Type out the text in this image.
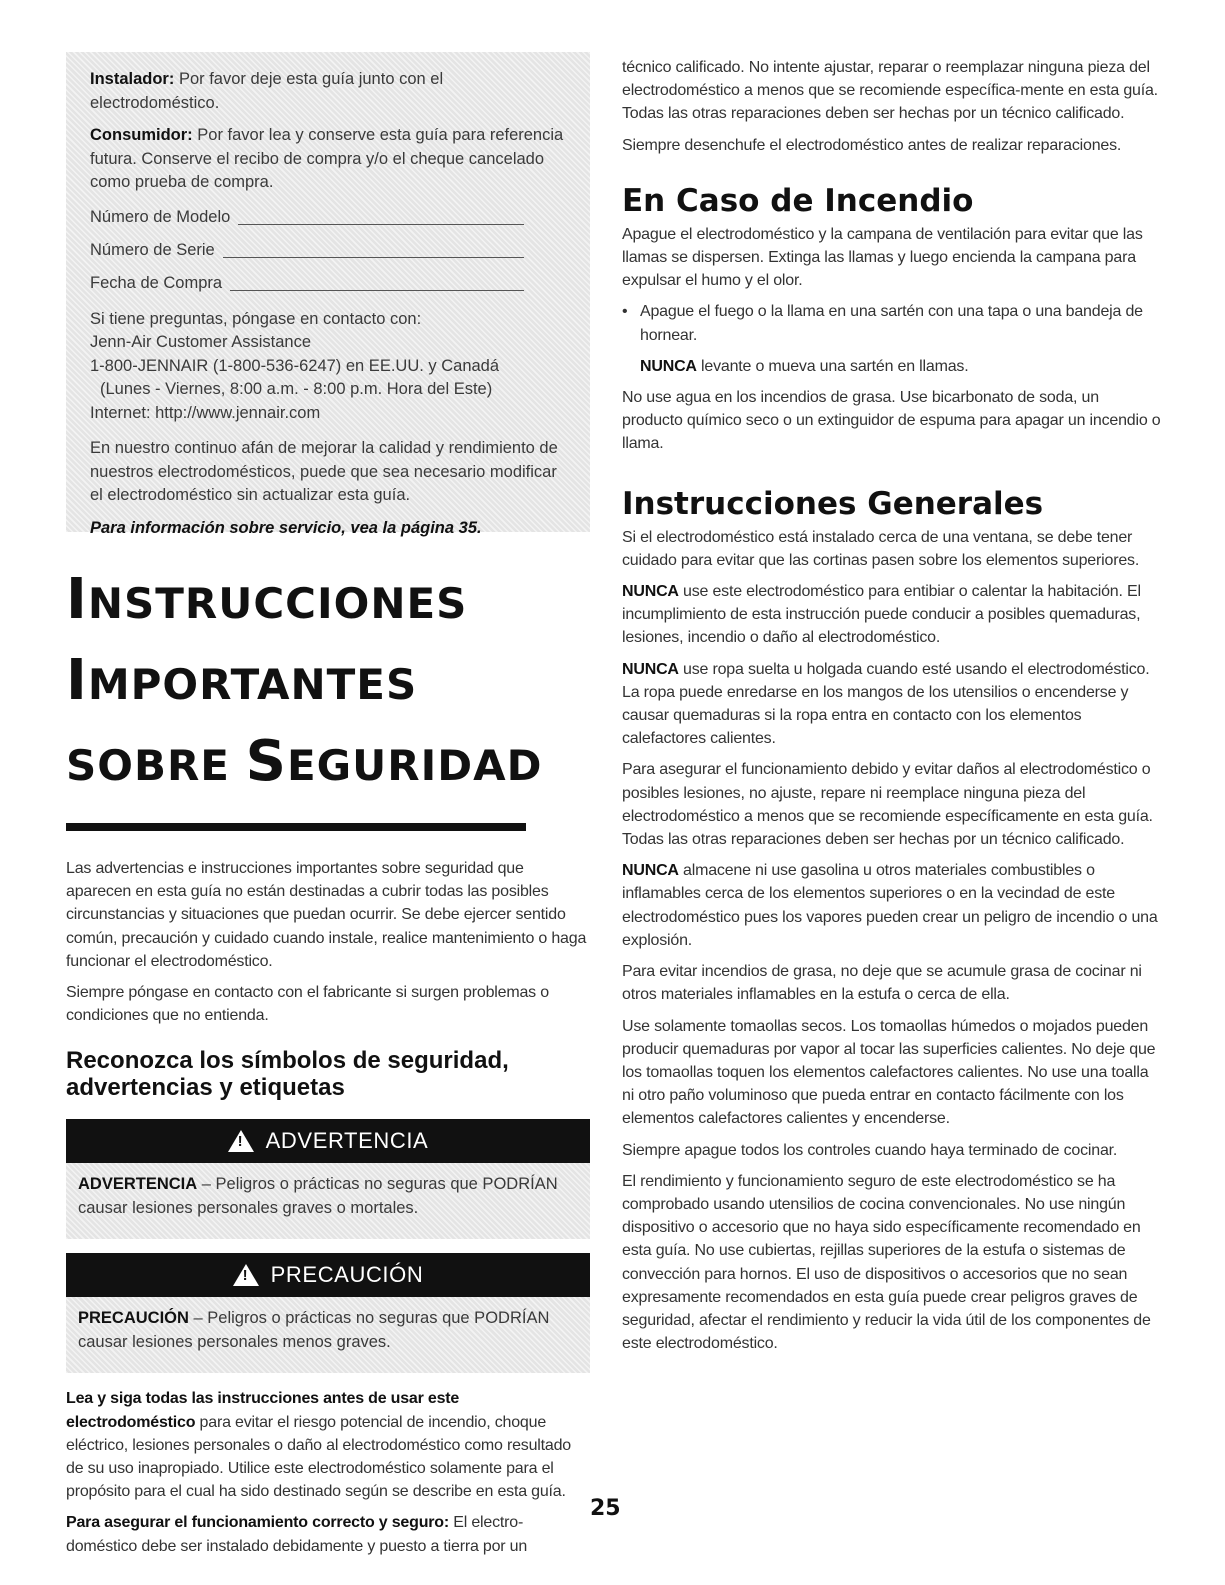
Instalador: Por favor deje esta guía junto con el electrodoméstico.
Consumidor: Por favor lea y conserve esta guía para referencia futura. Conserve el recibo de compra y/o el cheque cancelado como prueba de compra.
Número de Modelo
Número de Serie
Fecha de Compra
Si tiene preguntas, póngase en contacto con:
Jenn-Air Customer Assistance
1-800-JENNAIR (1-800-536-6247) en EE.UU. y Canadá
(Lunes - Viernes, 8:00 a.m. - 8:00 p.m. Hora del Este)
Internet: http://www.jennair.com
En nuestro continuo afán de mejorar la calidad y rendimiento de nuestros electrodomésticos, puede que sea necesario modificar el electrodoméstico sin actualizar esta guía.
Para información sobre servicio, vea la página 35.
INSTRUCCIONES
IMPORTANTES
SOBRE SEGURIDAD

Las advertencias e instrucciones importantes sobre seguridad que aparecen en esta guía no están destinadas a cubrir todas las posibles circunstancias y situaciones que puedan ocurrir. Se debe ejercer sentido común, precaución y cuidado cuando instale, realice mantenimiento o haga funcionar el electrodoméstico.

Siempre póngase en contacto con el fabricante si surgen problemas o condiciones que no entienda.

Reconozca los símbolos de seguridad, advertencias y etiquetas
!
ADVERTENCIA
ADVERTENCIA – Peligros o prácticas no seguras que PODRÍAN causar lesiones personales graves o mortales.
!
PRECAUCIÓN
PRECAUCIÓN – Peligros o prácticas no seguras que PODRÍAN causar lesiones personales menos graves.

Lea y siga todas las instrucciones antes de usar este electrodoméstico para evitar el riesgo potencial de incendio, choque eléctrico, lesiones personales o daño al electrodoméstico como resultado de su uso inapropiado. Utilice este electrodoméstico solamente para el propósito para el cual ha sido destinado según se describe en esta guía.

Para asegurar el funcionamiento correcto y seguro: El electro-doméstico debe ser instalado debidamente y puesto a tierra por un

técnico calificado. No intente ajustar, reparar o reemplazar ninguna pieza del electrodoméstico a menos que se recomiende específica-mente en esta guía. Todas las otras reparaciones deben ser hechas por un técnico calificado.

Siempre desenchufe el electrodoméstico antes de realizar reparaciones.

En Caso de Incendio

Apague el electrodoméstico y la campana de ventilación para evitar que las llamas se dispersen. Extinga las llamas y luego encienda la campana para expulsar el humo y el olor.

• Apague el fuego o la llama en una sartén con una tapa o una bandeja de hornear.

NUNCA levante o mueva una sartén en llamas.

No use agua en los incendios de grasa. Use bicarbonato de soda, un producto químico seco o un extinguidor de espuma para apagar un incendio o llama.

Instrucciones Generales

Si el electrodoméstico está instalado cerca de una ventana, se debe tener cuidado para evitar que las cortinas pasen sobre los elementos superiores.

NUNCA use este electrodoméstico para entibiar o calentar la habitación. El incumplimiento de esta instrucción puede conducir a posibles quemaduras, lesiones, incendio o daño al electrodoméstico.

NUNCA use ropa suelta u holgada cuando esté usando el electrodoméstico. La ropa puede enredarse en los mangos de los utensilios o encenderse y causar quemaduras si la ropa entra en contacto con los elementos calefactores calientes.

Para asegurar el funcionamiento debido y evitar daños al electrodoméstico o posibles lesiones, no ajuste, repare ni reemplace ninguna pieza del electrodoméstico a menos que se recomiende específicamente en esta guía. Todas las otras reparaciones deben ser hechas por un técnico calificado.

NUNCA almacene ni use gasolina u otros materiales combustibles o inflamables cerca de los elementos superiores o en la vecindad de este electrodoméstico pues los vapores pueden crear un peligro de incendio o una explosión.

Para evitar incendios de grasa, no deje que se acumule grasa de cocinar ni otros materiales inflamables en la estufa o cerca de ella.

Use solamente tomaollas secos. Los tomaollas húmedos o mojados pueden producir quemaduras por vapor al tocar las superficies calientes. No deje que los tomaollas toquen los elementos calefactores calientes. No use una toalla ni otro paño voluminoso que pueda entrar en contacto fácilmente con los elementos calefactores calientes y encenderse.

Siempre apague todos los controles cuando haya terminado de cocinar.

El rendimiento y funcionamiento seguro de este electrodoméstico se ha comprobado usando utensilios de cocina convencionales. No use ningún dispositivo o accesorio que no haya sido específicamente recomendado en esta guía. No use cubiertas, rejillas superiores de la estufa o sistemas de convección para hornos. El uso de dispositivos o accesorios que no sean expresamente recomendados en esta guía puede crear peligros graves de seguridad, afectar el rendimiento y reducir la vida útil de los componentes de este electrodoméstico.

25
